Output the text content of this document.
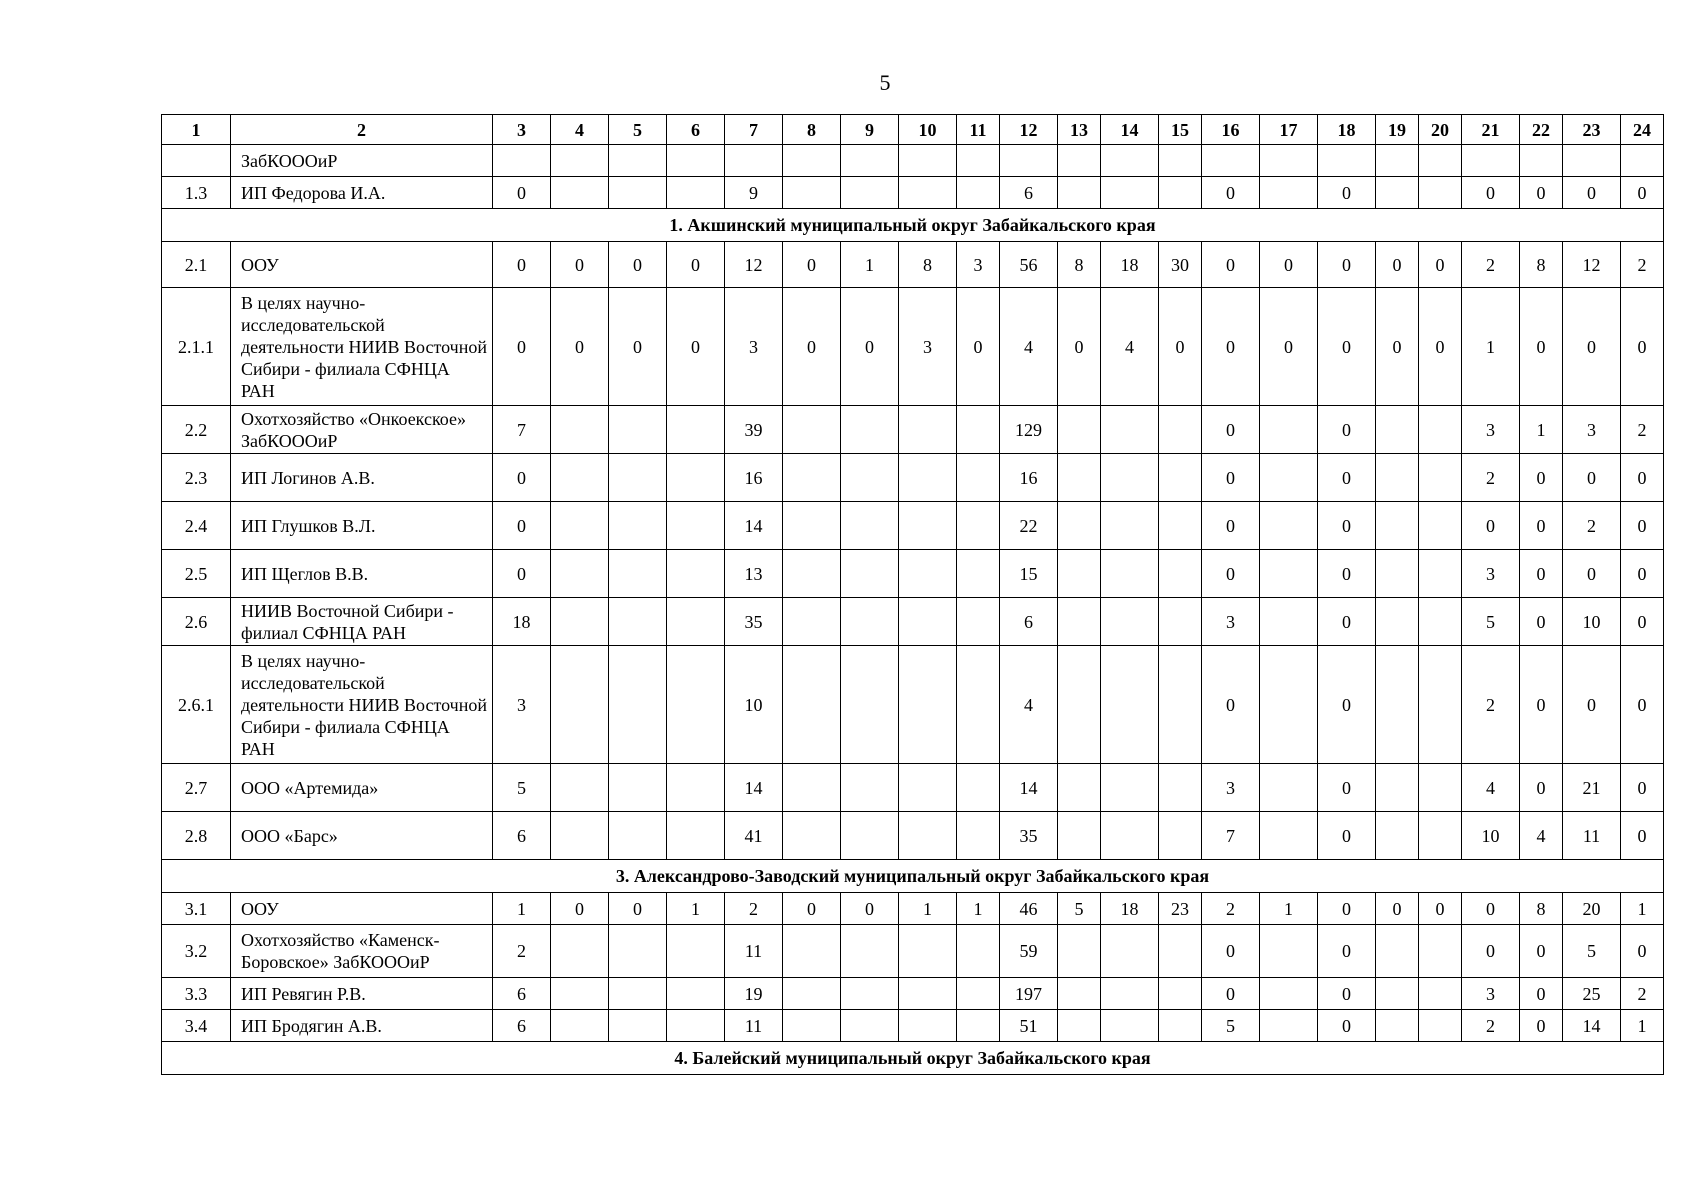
5
1	2	3	4	5	6	7	8	9	10	11	12	13	14	15	16	17	18	19	20	21	22	23	24
	ЗабКОООиР																						
1.3	ИП Федорова И.А.	0				9					6				0		0			0	0	0	0
1. Акшинский муниципальный округ Забайкальского края																							
2.1	ООУ	0	0	0	0	12	0	1	8	3	56	8	18	30	0	0	0	0	0	2	8	12	2
2.1.1	В целях научно-исследовательской деятельности НИИВ Восточной Сибири - филиала СФНЦА РАН	0	0	0	0	3	0	0	3	0	4	0	4	0	0	0	0	0	0	1	0	0	0
2.2	Охотхозяйство «Онкоекское» ЗабКОООиР	7				39					129				0		0			3	1	3	2
2.3	ИП Логинов А.В.	0				16					16				0		0			2	0	0	0
2.4	ИП Глушков В.Л.	0				14					22				0		0			0	0	2	0
2.5	ИП Щеглов В.В.	0				13					15				0		0			3	0	0	0
2.6	НИИВ Восточной Сибири - филиал СФНЦА РАН	18				35					6				3		0			5	0	10	0
2.6.1	В целях научно-исследовательской деятельности НИИВ Восточной Сибири - филиала СФНЦА РАН	3				10					4				0		0			2	0	0	0
2.7	ООО «Артемида»	5				14					14				3		0			4	0	21	0
2.8	ООО «Барс»	6				41					35				7		0			10	4	11	0
3. Александрово-Заводский муниципальный округ Забайкальского края																							
3.1	ООУ	1	0	0	1	2	0	0	1	1	46	5	18	23	2	1	0	0	0	0	8	20	1
3.2	Охотхозяйство «Каменск-Боровское» ЗабКОООиР	2				11					59				0		0			0	0	5	0
3.3	ИП Ревягин Р.В.	6				19					197				0		0			3	0	25	2
3.4	ИП Бродягин А.В.	6				11					51				5		0			2	0	14	1
4. Балейский муниципальный округ Забайкальского края																							
